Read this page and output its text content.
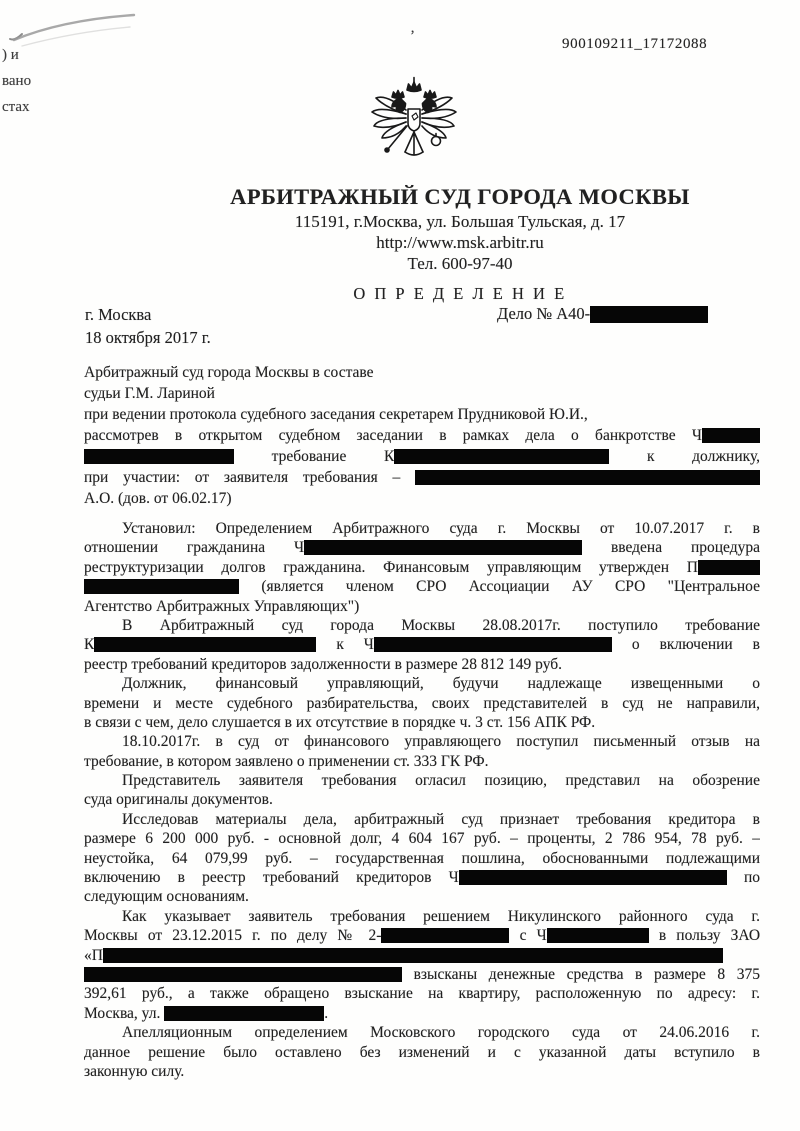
) и
вано
стах
900109211_17172088
’
АРБИТРАЖНЫЙ СУД ГОРОДА МОСКВЫ
115191, г.Москва, ул. Большая Тульская, д. 17
http://www.msk.arbitr.ru
Тел. 600-97-40
О П Р Е Д Е Л Е Н И Е
г. Москва	Дело № А40-
18 октября 2017 г.
Арбитражный суд города Москвы в составе
судьи Г.М. Лариной
при ведении протокола судебного заседания секретарем Прудниковой Ю.И.,
рассмотрев в открытом судебном заседании в рамках дела о банкротстве Ч
требование К	к должнику,
при участии: от заявителя требования –
А.О. (дов. от 06.02.17)
Установил: Определением Арбитражного суда г. Москвы от 10.07.2017 г. в
отношении гражданина Ч	введена процедура
реструктуризации долгов гражданина. Финансовым управляющим утвержден П
(является членом СРО Ассоциации АУ СРО "Центральное
Агентство Арбитражных Управляющих")
В Арбитражный суд города Москвы 28.08.2017г. поступило требование
К	к Ч	о включении в
реестр требований кредиторов задолженности в размере 28 812 149 руб.
Должник, финансовый управляющий, будучи надлежаще извещенными о
времени и месте судебного разбирательства, своих представителей в суд не направили,
в связи с чем, дело слушается в их отсутствие в порядке ч. 3 ст. 156 АПК РФ.
18.10.2017г. в суд от финансового управляющего поступил письменный отзыв на
требование, в котором заявлено о применении ст. 333 ГК РФ.
Представитель заявителя требования огласил позицию, представил на обозрение
суда оригиналы документов.
Исследовав материалы дела, арбитражный суд признает требования кредитора в
размере 6 200 000 руб. - основной долг, 4 604 167 руб. – проценты, 2 786 954, 78 руб. –
неустойка, 64 079,99 руб. – государственная пошлина, обоснованными подлежащими
включению в реестр требований кредиторов Ч	по
следующим основаниям.
Как указывает заявитель требования решением Никулинского районного суда г.
Москвы от 23.12.2015 г. по делу № 2-	с Ч	в пользу ЗАО
«П
взысканы денежные средства в размере 8 375
392,61 руб., а также обращено взыскание на квартиру, расположенную по адресу: г.
Москва, ул.	.
Апелляционным определением Московского городского суда от 24.06.2016 г.
данное решение было оставлено без изменений и с указанной даты вступило в
законную силу.
